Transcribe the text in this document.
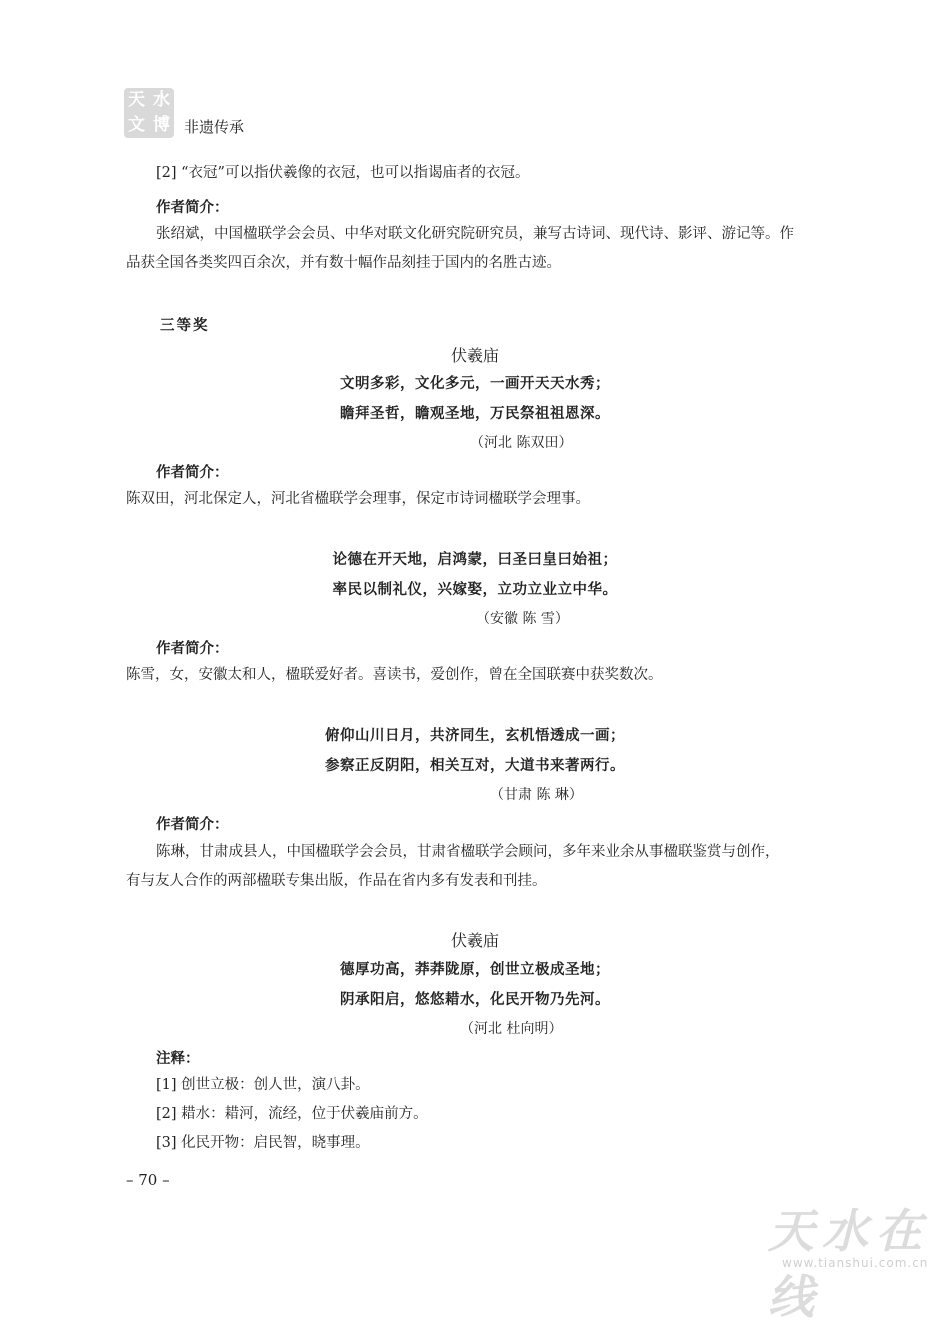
天 水
文 博 非遗传承
[2] “衣冠”可以指伏羲像的衣冠，也可以指谒庙者的衣冠。
作者简介：
张绍斌，中国楹联学会会员、中华对联文化研究院研究员，兼写古诗词、现代诗、影评、游记等。作
品获全国各类奖四百余次，并有数十幅作品刻挂于国内的名胜古迹。
三等奖
伏羲庙
文明多彩，文化多元，一画开天天水秀；
瞻拜圣哲，瞻观圣地，万民祭祖祖恩深。
（河北 陈双田）
作者简介：
陈双田，河北保定人，河北省楹联学会理事，保定市诗词楹联学会理事。
论德在开天地，启鸿蒙，曰圣曰皇曰始祖；
率民以制礼仪，兴嫁娶，立功立业立中华。
（安徽 陈 雪）
作者简介：
陈雪，女，安徽太和人，楹联爱好者。喜读书，爱创作，曾在全国联赛中获奖数次。
俯仰山川日月，共济同生，玄机悟透成一画；
参察正反阴阳，相关互对，大道书来著两行。
（甘肃 陈 琳）
作者简介：
陈琳，甘肃成县人，中国楹联学会会员，甘肃省楹联学会顾问，多年来业余从事楹联鉴赏与创作，
有与友人合作的两部楹联专集出版，作品在省内多有发表和刊挂。
伏羲庙
德厚功高，莽莽陇原，创世立极成圣地；
阴承阳启，悠悠耤水，化民开物乃先河。
（河北 杜向明）
注释：
[1] 创世立极：创人世，演八卦。
[2] 耤水：耤河，流经，位于伏羲庙前方。
[3] 化民开物：启民智，晓事理。
– 70 –
天水在线
www.tianshui.com.cn
